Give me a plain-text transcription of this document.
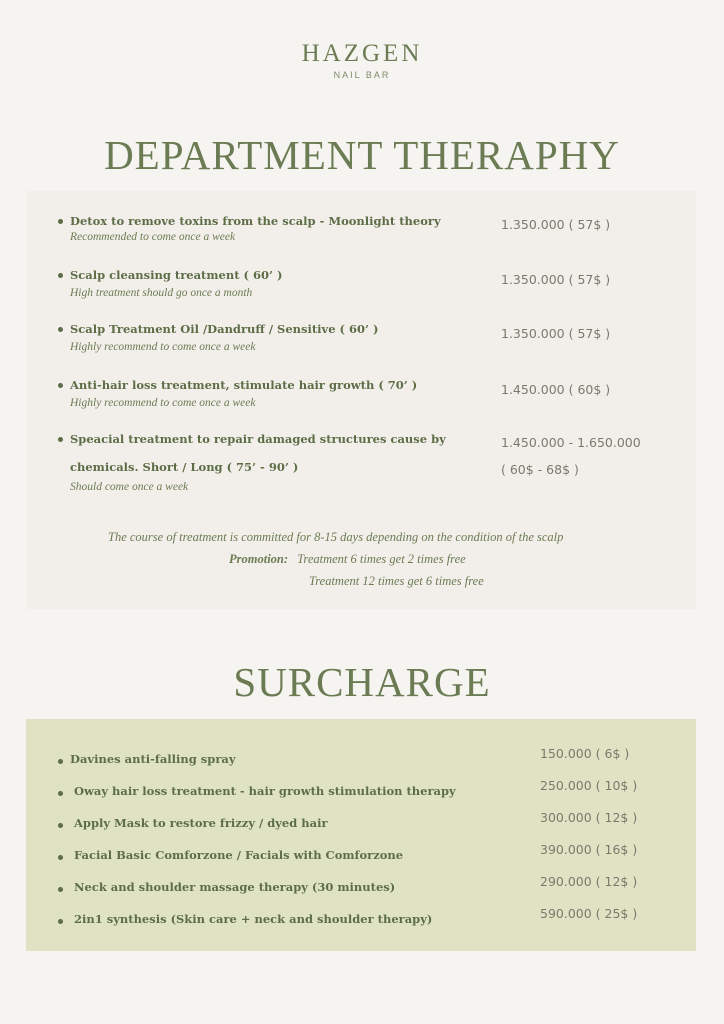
HAZGEN
NAIL BAR
DEPARTMENT THERAPHY
Detox to remove toxins from the scalp - Moonlight theory
Recommended to come once a week
1.350.000 ( 57$ )
Scalp cleansing treatment ( 60’ )
High treatment should go once a month
1.350.000 ( 57$ )
Scalp Treatment Oil /Dandruff / Sensitive ( 60’ )
Highly recommend to come once a week
1.350.000 ( 57$ )
Anti-hair loss treatment, stimulate hair growth ( 70’ )
Highly recommend to come once a week
1.450.000 ( 60$ )
Speacial treatment to repair damaged structures cause by
chemicals. Short / Long ( 75’ - 90’ )
Should come once a week
1.450.000 - 1.650.000
( 60$ - 68$ )
The course of treatment is committed for 8-15 days depending on the condition of the scalp
Promotion: Treatment 6 times get 2 times free
Treatment 12 times get 6 times free
SURCHARGE
Davines anti-falling spray	150.000 ( 6$ )
Oway hair loss treatment - hair growth stimulation therapy	250.000 ( 10$ )
Apply Mask to restore frizzy / dyed hair	300.000 ( 12$ )
Facial Basic Comforzone / Facials with Comforzone	390.000 ( 16$ )
Neck and shoulder massage therapy (30 minutes)	290.000 ( 12$ )
2in1 synthesis (Skin care + neck and shoulder therapy)	590.000 ( 25$ )
